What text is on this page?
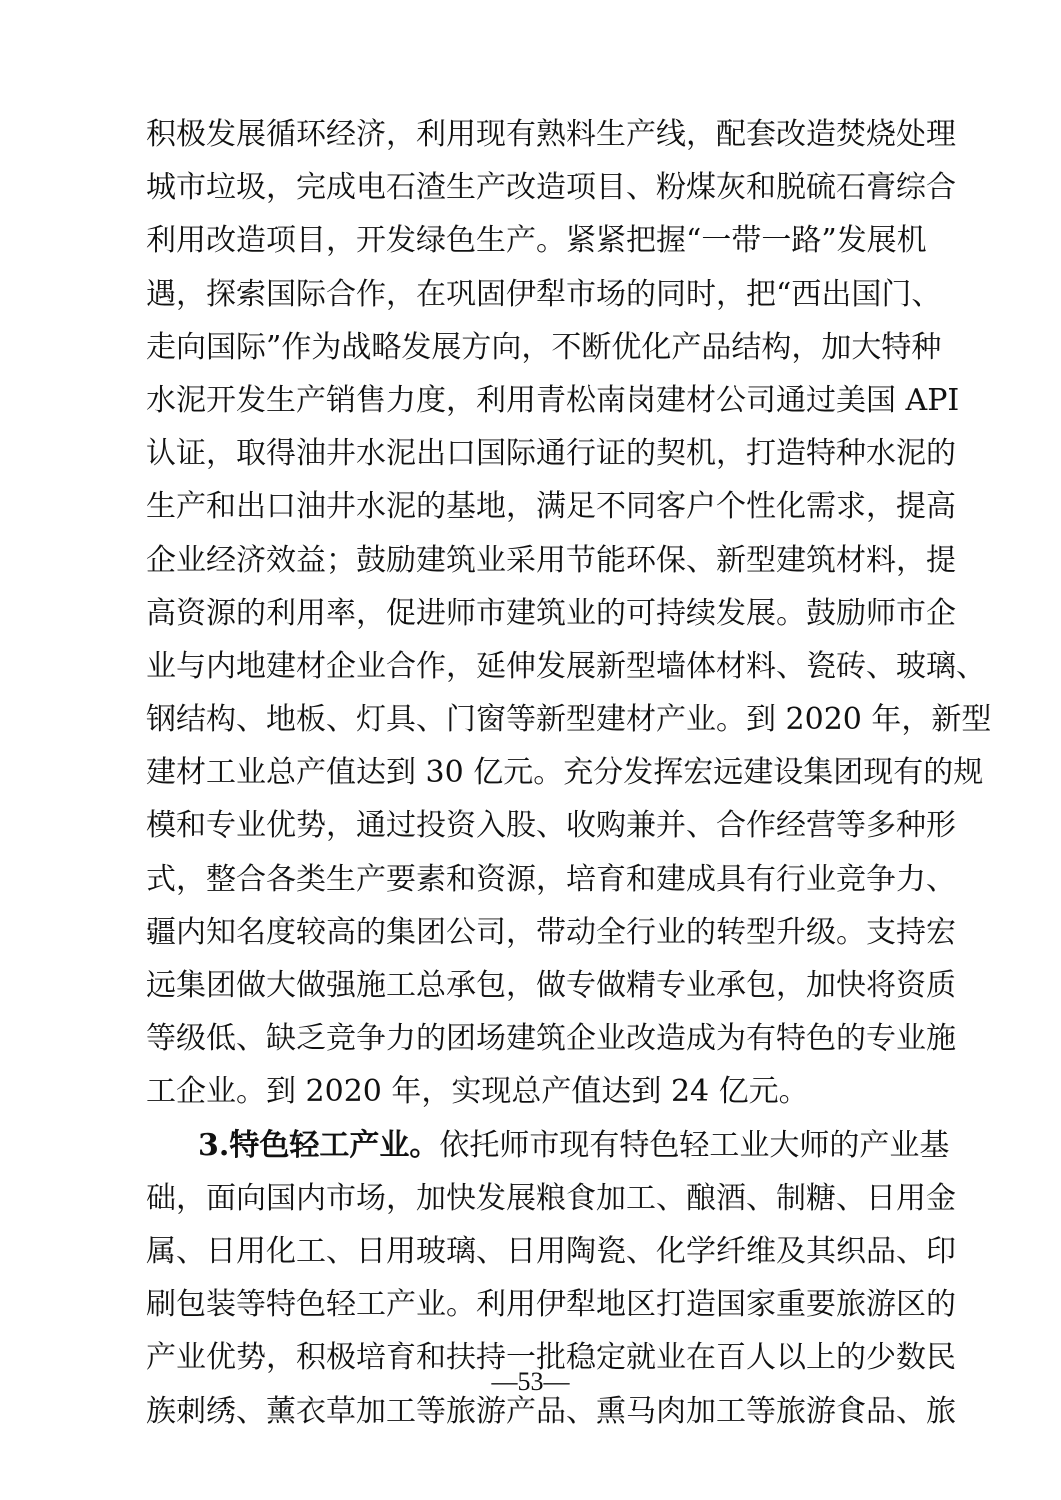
积极发展循环经济，利用现有熟料生产线，配套改造焚烧处理
城市垃圾，完成电石渣生产改造项目、粉煤灰和脱硫石膏综合
利用改造项目，开发绿色生产。紧紧把握“一带一路”发展机
遇，探索国际合作，在巩固伊犁市场的同时，把“西出国门、
走向国际”作为战略发展方向，不断优化产品结构，加大特种
水泥开发生产销售力度，利用青松南岗建材公司通过美国 API
认证，取得油井水泥出口国际通行证的契机，打造特种水泥的
生产和出口油井水泥的基地，满足不同客户个性化需求，提高
企业经济效益；鼓励建筑业采用节能环保、新型建筑材料，提
高资源的利用率，促进师市建筑业的可持续发展。鼓励师市企
业与内地建材企业合作，延伸发展新型墙体材料、瓷砖、玻璃、
钢结构、地板、灯具、门窗等新型建材产业。到 2020 年，新型
建材工业总产值达到 30 亿元。充分发挥宏远建设集团现有的规
模和专业优势，通过投资入股、收购兼并、合作经营等多种形
式，整合各类生产要素和资源，培育和建成具有行业竞争力、
疆内知名度较高的集团公司，带动全行业的转型升级。支持宏
远集团做大做强施工总承包，做专做精专业承包，加快将资质
等级低、缺乏竞争力的团场建筑企业改造成为有特色的专业施
工企业。到 2020 年，实现总产值达到 24 亿元。
3.特色轻工产业。依托师市现有特色轻工业大师的产业基
础，面向国内市场，加快发展粮食加工、酿酒、制糖、日用金
属、日用化工、日用玻璃、日用陶瓷、化学纤维及其织品、印
刷包装等特色轻工产业。利用伊犁地区打造国家重要旅游区的
产业优势，积极培育和扶持一批稳定就业在百人以上的少数民
族刺绣、薰衣草加工等旅游产品、熏马肉加工等旅游食品、旅
—53—
